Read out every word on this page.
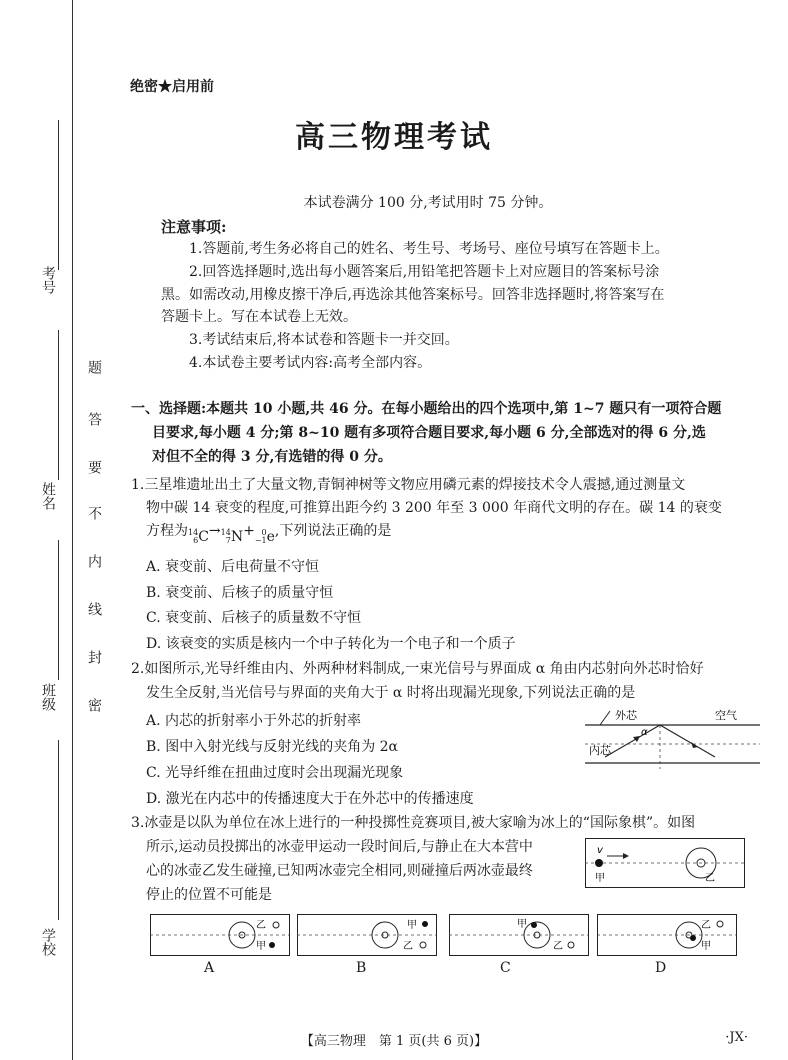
考号
姓名
班级
学校
题
答
要
不
内
线
封
密
绝密★启用前
高三物理考试
本试卷满分 100 分,考试用时 75 分钟。
注意事项:
1.答题前,考生务必将自己的姓名、考生号、考场号、座位号填写在答题卡上。
2.回答选择题时,选出每小题答案后,用铅笔把答题卡上对应题目的答案标号涂
黑。如需改动,用橡皮擦干净后,再选涂其他答案标号。回答非选择题时,将答案写在
答题卡上。写在本试卷上无效。
3.考试结束后,将本试卷和答题卡一并交回。
4.本试卷主要考试内容:高考全部内容。
一、选择题:本题共 10 小题,共 46 分。在每小题给出的四个选项中,第 1~7 题只有一项符合题
目要求,每小题 4 分;第 8~10 题有多项符合题目要求,每小题 6 分,全部选对的得 6 分,选
对但不全的得 3 分,有选错的得 0 分。
1.三星堆遗址出土了大量文物,青铜神树等文物应用磷元素的焊接技术令人震撼,通过测量文
物中碳 14 衰变的程度,可推算出距今约 3 200 年至 3 000 年商代文明的存在。碳 14 的衰变
方程为 14
6 C → 14
7 N + 0
−1 e ,下列说法正确的是
A. 衰变前、后电荷量不守恒
B. 衰变前、后核子的质量守恒
C. 衰变前、后核子的质量数不守恒
D. 该衰变的实质是核内一个中子转化为一个电子和一个质子
2.如图所示,光导纤维由内、外两种材料制成,一束光信号与界面成 α 角由内芯射向外芯时恰好
发生全反射,当光信号与界面的夹角大于 α 时将出现漏光现象,下列说法正确的是
A. 内芯的折射率小于外芯的折射率
B. 图中入射光线与反射光线的夹角为 2α
C. 光导纤维在扭曲过度时会出现漏光现象
D. 激光在内芯中的传播速度大于在外芯中的传播速度
外芯	空气
内芯
α
3.冰壶是以队为单位在冰上进行的一种投掷性竞赛项目,被大家喻为冰上的“国际象棋”。如图
所示,运动员投掷出的冰壶甲运动一段时间后,与静止在大本营中
心的冰壶乙发生碰撞,已知两冰壶完全相同,则碰撞后两冰壶最终
停止的位置不可能是
v
甲	乙
乙
甲
A
甲
乙
B
甲
乙
C
乙
甲
D
【高三物理　第 1 页(共 6 页)】	·JX·
